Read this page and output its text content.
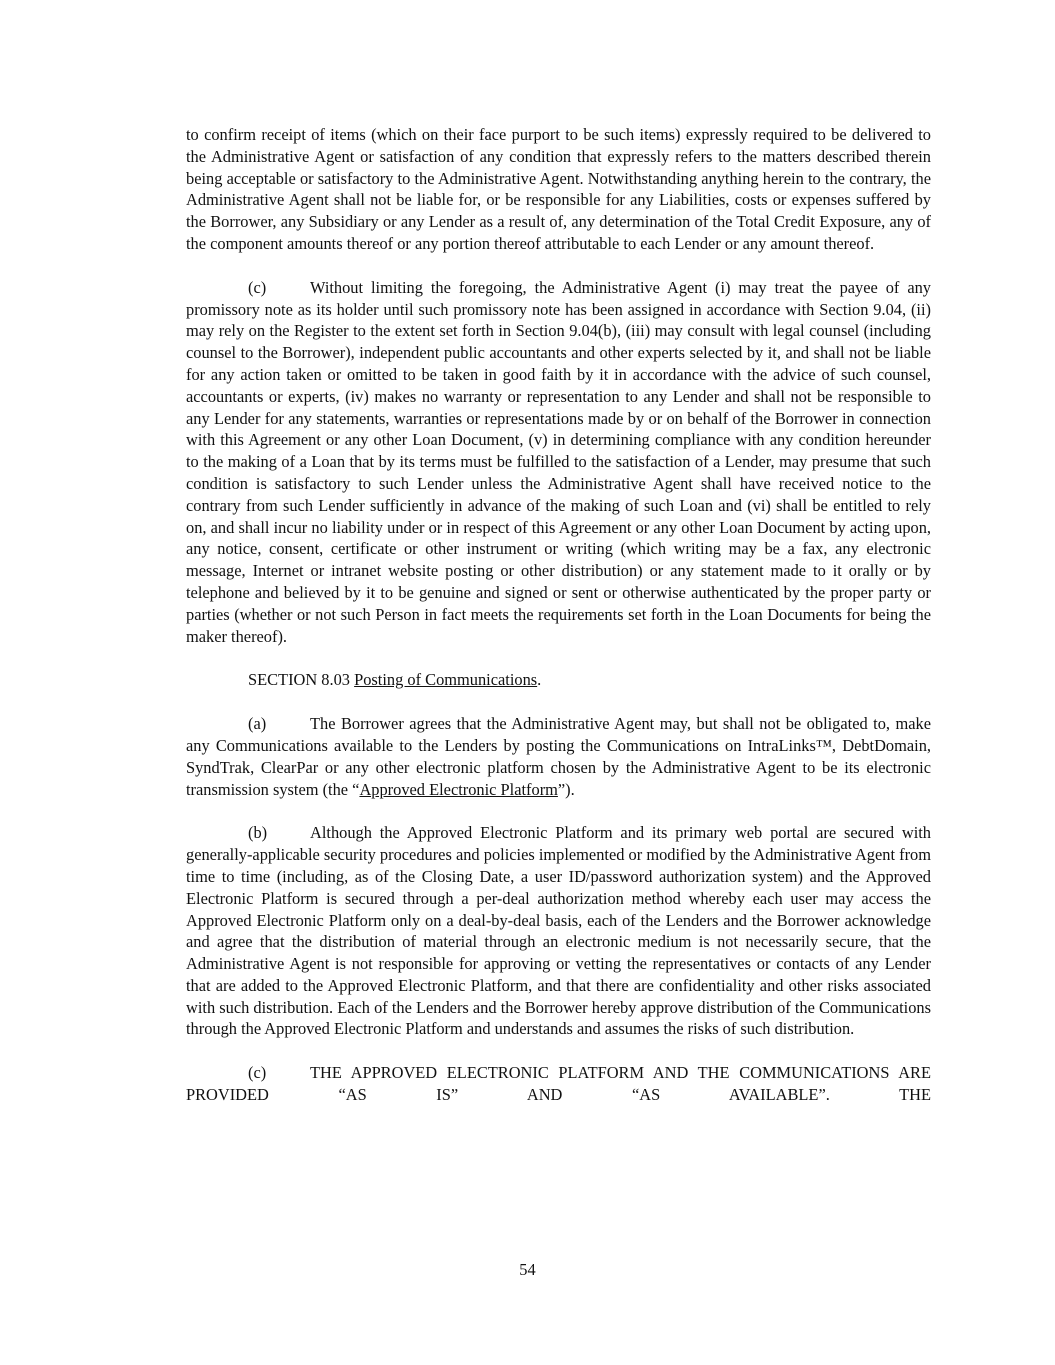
to confirm receipt of items (which on their face purport to be such items) expressly required to be delivered to the Administrative Agent or satisfaction of any condition that expressly refers to the matters described therein being acceptable or satisfactory to the Administrative Agent. Notwithstanding anything herein to the contrary, the Administrative Agent shall not be liable for, or be responsible for any Liabilities, costs or expenses suffered by the Borrower, any Subsidiary or any Lender as a result of, any determination of the Total Credit Exposure, any of the component amounts thereof or any portion thereof attributable to each Lender or any amount thereof.

(c)	Without limiting the foregoing, the Administrative Agent (i) may treat the payee of any promissory note as its holder until such promissory note has been assigned in accordance with Section 9.04, (ii) may rely on the Register to the extent set forth in Section 9.04(b), (iii) may consult with legal counsel (including counsel to the Borrower), independent public accountants and other experts selected by it, and shall not be liable for any action taken or omitted to be taken in good faith by it in accordance with the advice of such counsel, accountants or experts, (iv) makes no warranty or representation to any Lender and shall not be responsible to any Lender for any statements, warranties or representations made by or on behalf of the Borrower in connection with this Agreement or any other Loan Document, (v) in determining compliance with any condition hereunder to the making of a Loan that by its terms must be fulfilled to the satisfaction of a Lender, may presume that such condition is satisfactory to such Lender unless the Administrative Agent shall have received notice to the contrary from such Lender sufficiently in advance of the making of such Loan and (vi) shall be entitled to rely on, and shall incur no liability under or in respect of this Agreement or any other Loan Document by acting upon, any notice, consent, certificate or other instrument or writing (which writing may be a fax, any electronic message, Internet or intranet website posting or other distribution) or any statement made to it orally or by telephone and believed by it to be genuine and signed or sent or otherwise authenticated by the proper party or parties (whether or not such Person in fact meets the requirements set forth in the Loan Documents for being the maker thereof).

SECTION 8.03 Posting of Communications.

(a)	The Borrower agrees that the Administrative Agent may, but shall not be obligated to, make any Communications available to the Lenders by posting the Communications on IntraLinks™, DebtDomain, SyndTrak, ClearPar or any other electronic platform chosen by the Administrative Agent to be its electronic transmission system (the “Approved Electronic Platform”).

(b)	Although the Approved Electronic Platform and its primary web portal are secured with generally-applicable security procedures and policies implemented or modified by the Administrative Agent from time to time (including, as of the Closing Date, a user ID/password authorization system) and the Approved Electronic Platform is secured through a per-deal authorization method whereby each user may access the Approved Electronic Platform only on a deal-by-deal basis, each of the Lenders and the Borrower acknowledge and agree that the distribution of material through an electronic medium is not necessarily secure, that the Administrative Agent is not responsible for approving or vetting the representatives or contacts of any Lender that are added to the Approved Electronic Platform, and that there are confidentiality and other risks associated with such distribution. Each of the Lenders and the Borrower hereby approve distribution of the Communications through the Approved Electronic Platform and understands and assumes the risks of such distribution.

(c)	THE APPROVED ELECTRONIC PLATFORM AND THE COMMUNICATIONS ARE PROVIDED “AS IS” AND “AS AVAILABLE”. THE

54
